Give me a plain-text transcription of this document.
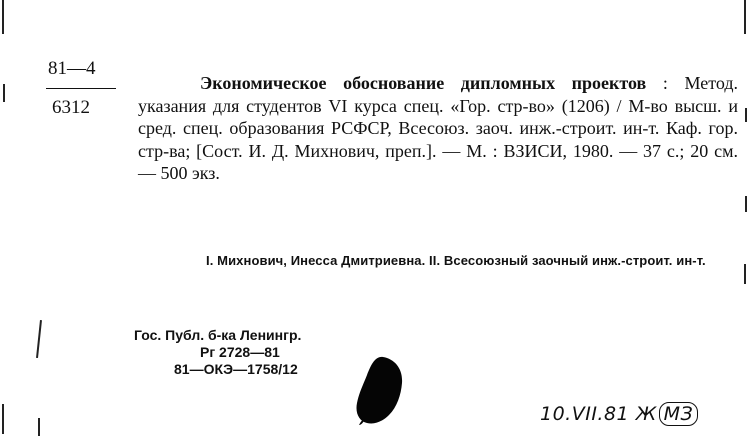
81—4
6312
Экономическое обоснование дипломных проектов : Метод. указания для студентов VI курса спец. «Гор. стр-во» (1206) / М-во высш. и сред. спец. образования РСФСР, Всесоюз. заоч. инж.-строит. ин-т. Каф. гор. стр-ва; [Сост. И. Д. Михнович, преп.]. — М. : ВЗИСИ, 1980. — 37 с.; 20 см. — 500 экз.
I. Михнович, Инесса Дмитриевна. II. Всесоюзный заочный инж.-строит. ин-т.
Гос. Публ. б-ка Ленингр.
Рг 2728—81
81—ОКЭ—1758/12
10.VII.81 Ж МЗ
